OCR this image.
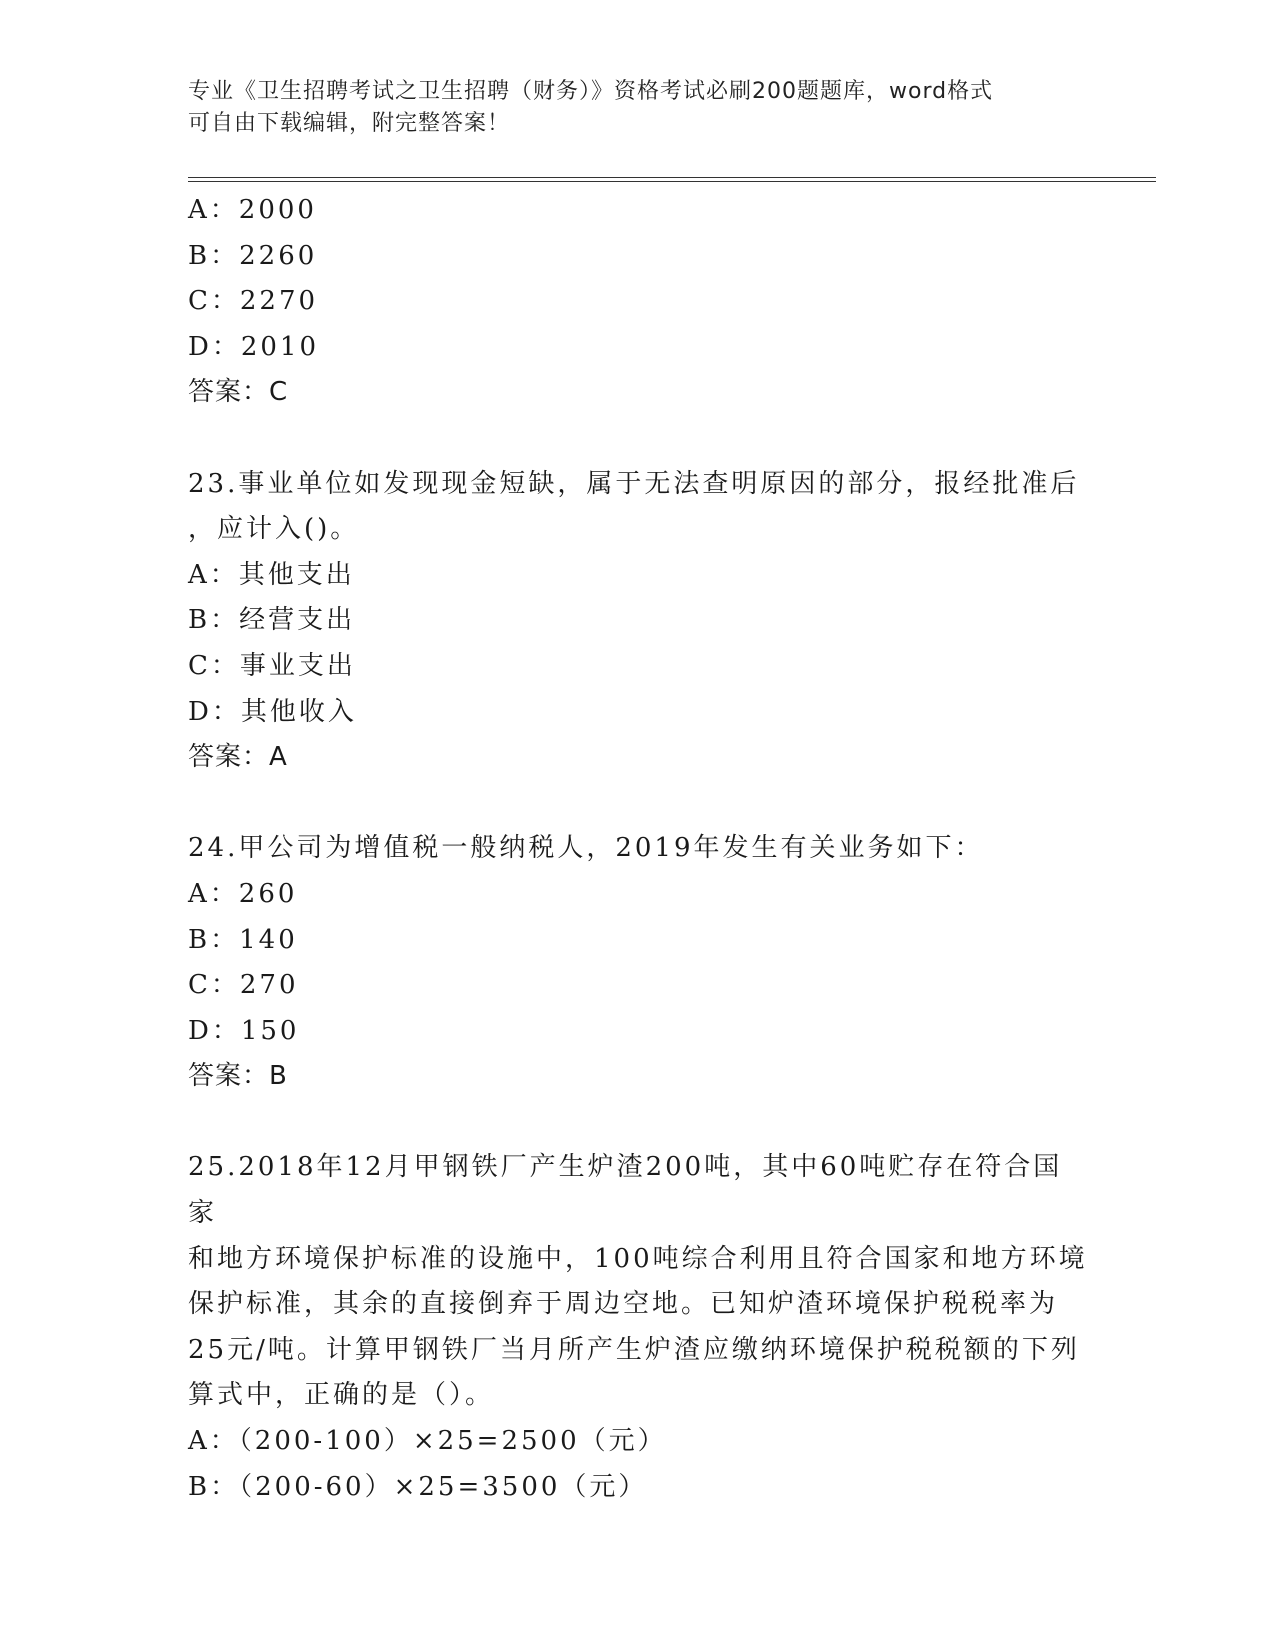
专业《卫生招聘考试之卫生招聘（财务）》资格考试必刷200题题库，word格式
可自由下载编辑，附完整答案！
A：2000
B：2260
C：2270
D：2010
答案：C
23.事业单位如发现现金短缺，属于无法查明原因的部分，报经批准后
，应计入()。
A：其他支出
B：经营支出
C：事业支出
D：其他收入
答案：A
24.甲公司为增值税一般纳税人，2019年发生有关业务如下：
A：260
B：140
C：270
D：150
答案：B
25.2018年12月甲钢铁厂产生炉渣200吨，其中60吨贮存在符合国家
和地方环境保护标准的设施中，100吨综合利用且符合国家和地方环境
保护标准，其余的直接倒弃于周边空地。已知炉渣环境保护税税率为
25元/吨。计算甲钢铁厂当月所产生炉渣应缴纳环境保护税税额的下列
算式中，正确的是（）。
A：（200-100）×25=2500（元）
B：（200-60）×25=3500（元）
